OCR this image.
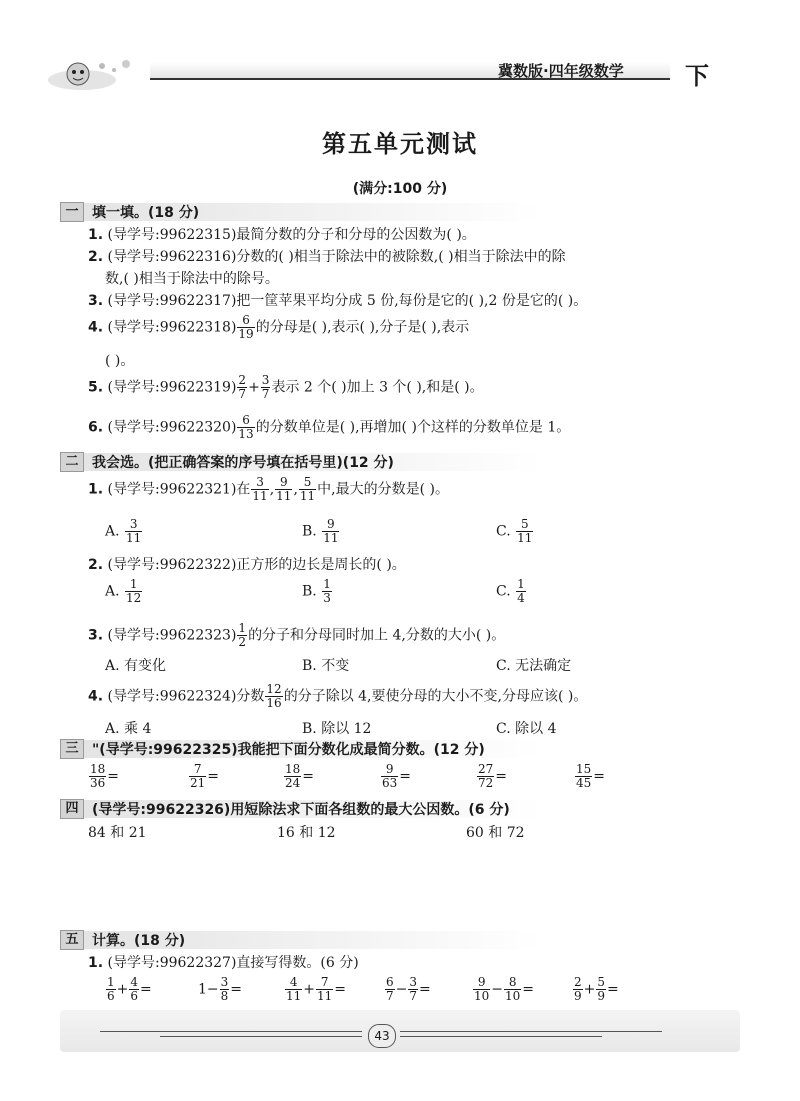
冀数版·四年级数学	下
第五单元测试
(满分:100 分)
一 填一填。(18 分)
1. (导学号:99622315)最简分数的分子和分母的公因数为( )。
2. (导学号:99622316)分数的( )相当于除法中的被除数,( )相当于除法中的除
数,( )相当于除法中的除号。
3. (导学号:99622317)把一筐苹果平均分成 5 份,每份是它的( ),2 份是它的( )。
4. (导学号:99622318) $\frac{6}{19}$ 的分母是( ),表示( ),分子是( ),表示
( )。
5. (导学号:99622319) $\frac{2}{7} + \frac{3}{7}$ 表示 2 个( )加上 3 个( ),和是( )。
6. (导学号:99622320) $\frac{6}{13}$ 的分数单位是( ),再增加( )个这样的分数单位是 1。
二 我会选。(把正确答案的序号填在括号里)(12 分)
1. (导学号:99622321)在 $\frac{3}{11}$ , $\frac{9}{11}$ , $\frac{5}{11}$ 中,最大的分数是( )。
A. $\frac{3}{11}$	B. $\frac{9}{11}$	C. $\frac{5}{11}$
2. (导学号:99622322)正方形的边长是周长的( )。
A. $\frac{1}{12}$	B. $\frac{1}{3}$	C. $\frac{1}{4}$
3. (导学号:99622323) $\frac{1}{2}$ 的分子和分母同时加上 4,分数的大小( )。
A. 有变化	B. 不变	C. 无法确定
4. (导学号:99622324)分数 $\frac{12}{16}$ 的分子除以 4,要使分母的大小不变,分母应该( )。
A. 乘 4	B. 除以 12	C. 除以 4
三 "(导学号:99622325)我能把下面分数化成最简分数。(12 分)
$\frac{18}{36}$ =	$\frac{7}{21}$ =	$\frac{18}{24}$ =	$\frac{9}{63}$ =	$\frac{27}{72}$ =	$\frac{15}{45}$ =
四 (导学号:99622326)用短除法求下面各组数的最大公因数。(6 分)
84 和 21	16 和 12	60 和 72
五 计算。(18 分)
1. (导学号:99622327)直接写得数。(6 分)
$\frac{1}{6} + \frac{4}{6}$ =	$1- \frac{3}{8}$ =	$\frac{4}{11} + \frac{7}{11}$ =	$\frac{6}{7} - \frac{3}{7}$ =	$\frac{9}{10} - \frac{8}{10}$ =	$\frac{2}{9} + \frac{5}{9}$ =
43
